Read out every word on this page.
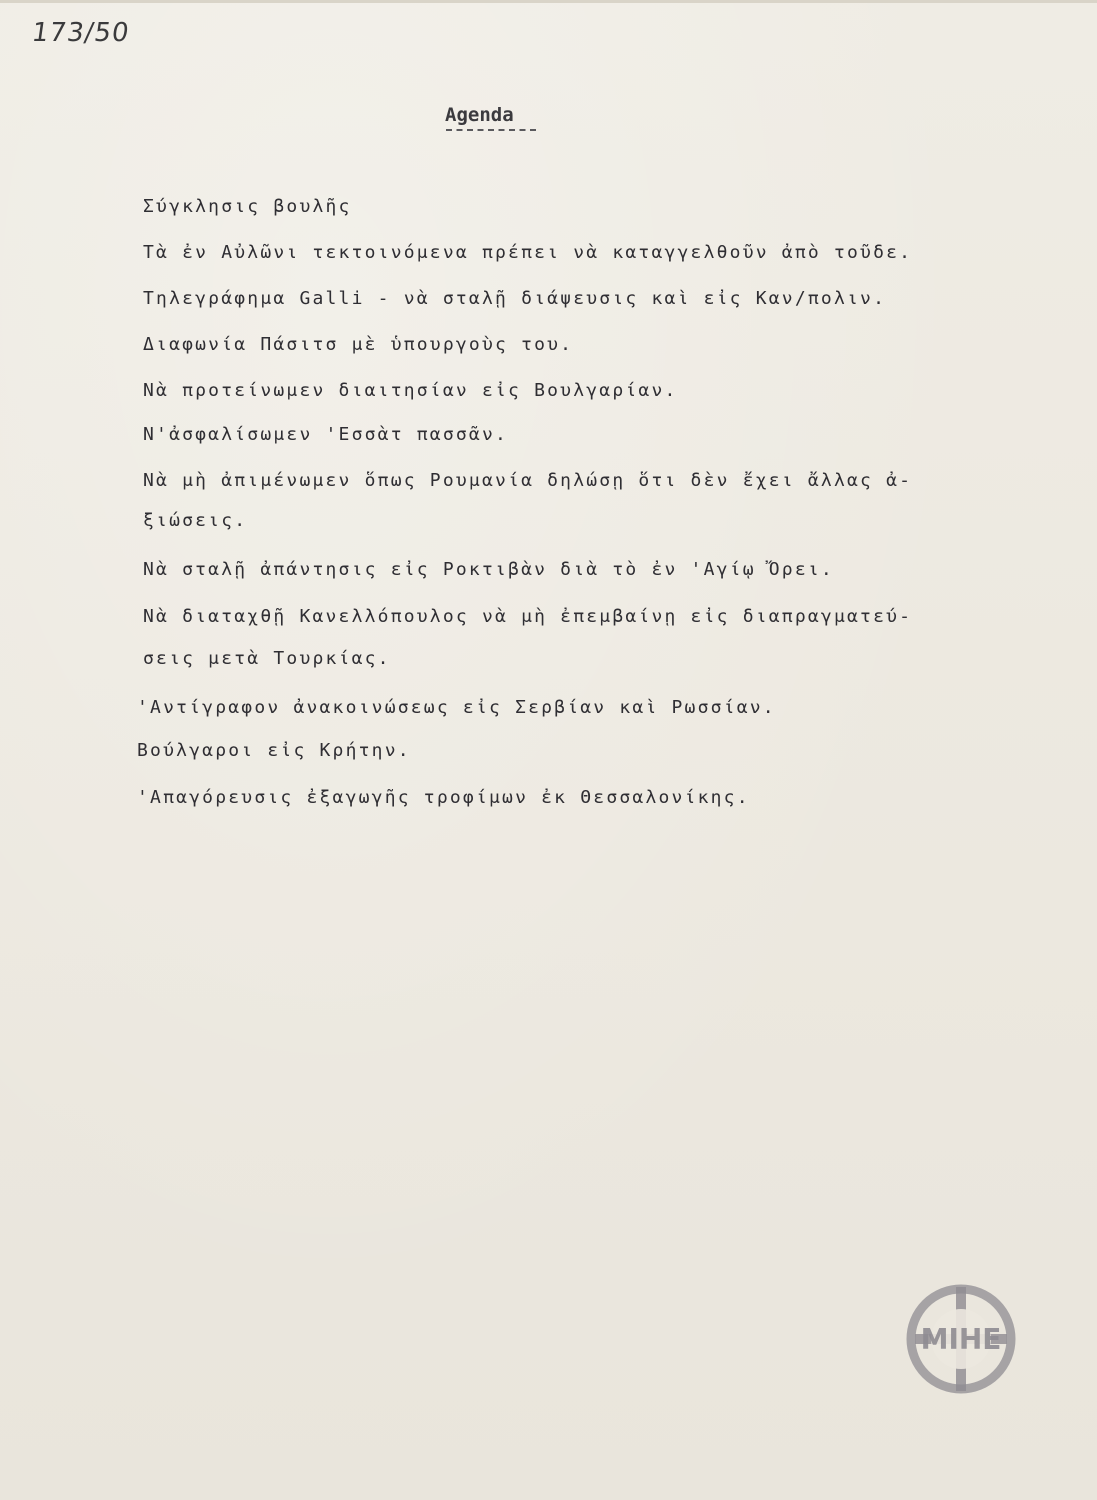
173/50
Agenda
Σύγκλησις βουλῆς
Τὰ ἐν Αὐλῶνι τεκτοινόμενα πρέπει νὰ καταγγελθοῦν ἀπὸ τοῦδε.
Τηλεγράφημα Galli - νὰ σταλῇ διάψευσις καὶ εἰς Καν/πολιν.
Διαφωνία Πάσιτσ μὲ ὑπουργοὺς του.
Νὰ προτείνωμεν διαιτησίαν εἰς Βουλγαρίαν.
Ν'ἀσφαλίσωμεν 'Εσσὰτ πασσᾶν.
Νὰ μὴ ἀπιμένωμεν ὅπως Ρουμανία δηλώσῃ ὅτι δὲν ἔχει ἄλλας ἀ-
ξιώσεις.
Νὰ σταλῇ ἀπάντησις εἰς Ροκτιβὰν διὰ τὸ ἐν 'Αγίῳ Ὄρει.
Νὰ διαταχθῇ Κανελλόπουλος νὰ μὴ ἐπεμβαίνῃ εἰς διαπραγματεύ-
σεις μετὰ Τουρκίας.
'Αντίγραφον ἀνακοινώσεως εἰς Σερβίαν καὶ Ρωσσίαν.
Βούλγαροι εἰς Κρήτην.
'Απαγόρευσις ἐξαγωγῆς τροφίμων ἐκ Θεσσαλονίκης.
ΜΙΗΕ
